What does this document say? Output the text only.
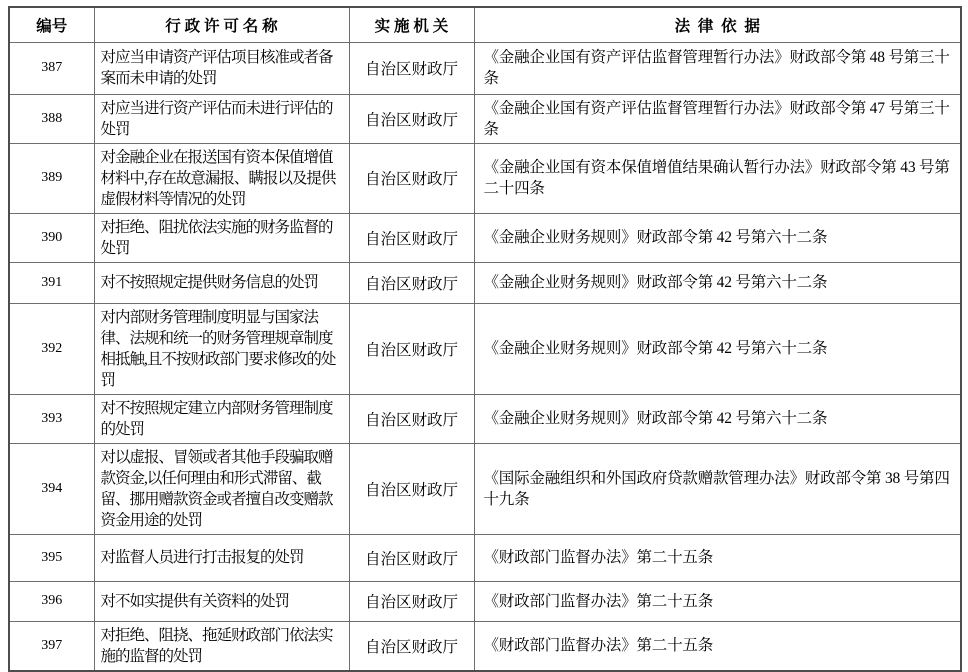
编号	行 政 许 可 名 称	实 施 机 关	法  律  依  据
387	对应当申请资产评估项目核准或者备案而未申请的处罚	自治区财政厅	《金融企业国有资产评估监督管理暂行办法》财政部令第 48 号第三十条
388	对应当进行资产评估而未进行评估的处罚	自治区财政厅	《金融企业国有资产评估监督管理暂行办法》财政部令第 47 号第三十条
389	对金融企业在报送国有资本保值增值材料中,存在故意漏报、瞒报以及提供虚假材料等情况的处罚	自治区财政厅	《金融企业国有资本保值增值结果确认暂行办法》财政部令第 43 号第二十四条
390	对拒绝、阻扰依法实施的财务监督的处罚	自治区财政厅	《金融企业财务规则》财政部令第 42 号第六十二条
391	对不按照规定提供财务信息的处罚	自治区财政厅	《金融企业财务规则》财政部令第 42 号第六十二条
392	对内部财务管理制度明显与国家法律、法规和统一的财务管理规章制度相抵触,且不按财政部门要求修改的处罚	自治区财政厅	《金融企业财务规则》财政部令第 42 号第六十二条
393	对不按照规定建立内部财务管理制度的处罚	自治区财政厅	《金融企业财务规则》财政部令第 42 号第六十二条
394	对以虚报、冒领或者其他手段骗取赠款资金,以任何理由和形式滞留、截留、挪用赠款资金或者擅自改变赠款资金用途的处罚	自治区财政厅	《国际金融组织和外国政府贷款赠款管理办法》财政部令第 38 号第四十九条
395	对监督人员进行打击报复的处罚	自治区财政厅	《财政部门监督办法》第二十五条
396	对不如实提供有关资料的处罚	自治区财政厅	《财政部门监督办法》第二十五条
397	对拒绝、阻挠、拖延财政部门依法实施的监督的处罚	自治区财政厅	《财政部门监督办法》第二十五条
